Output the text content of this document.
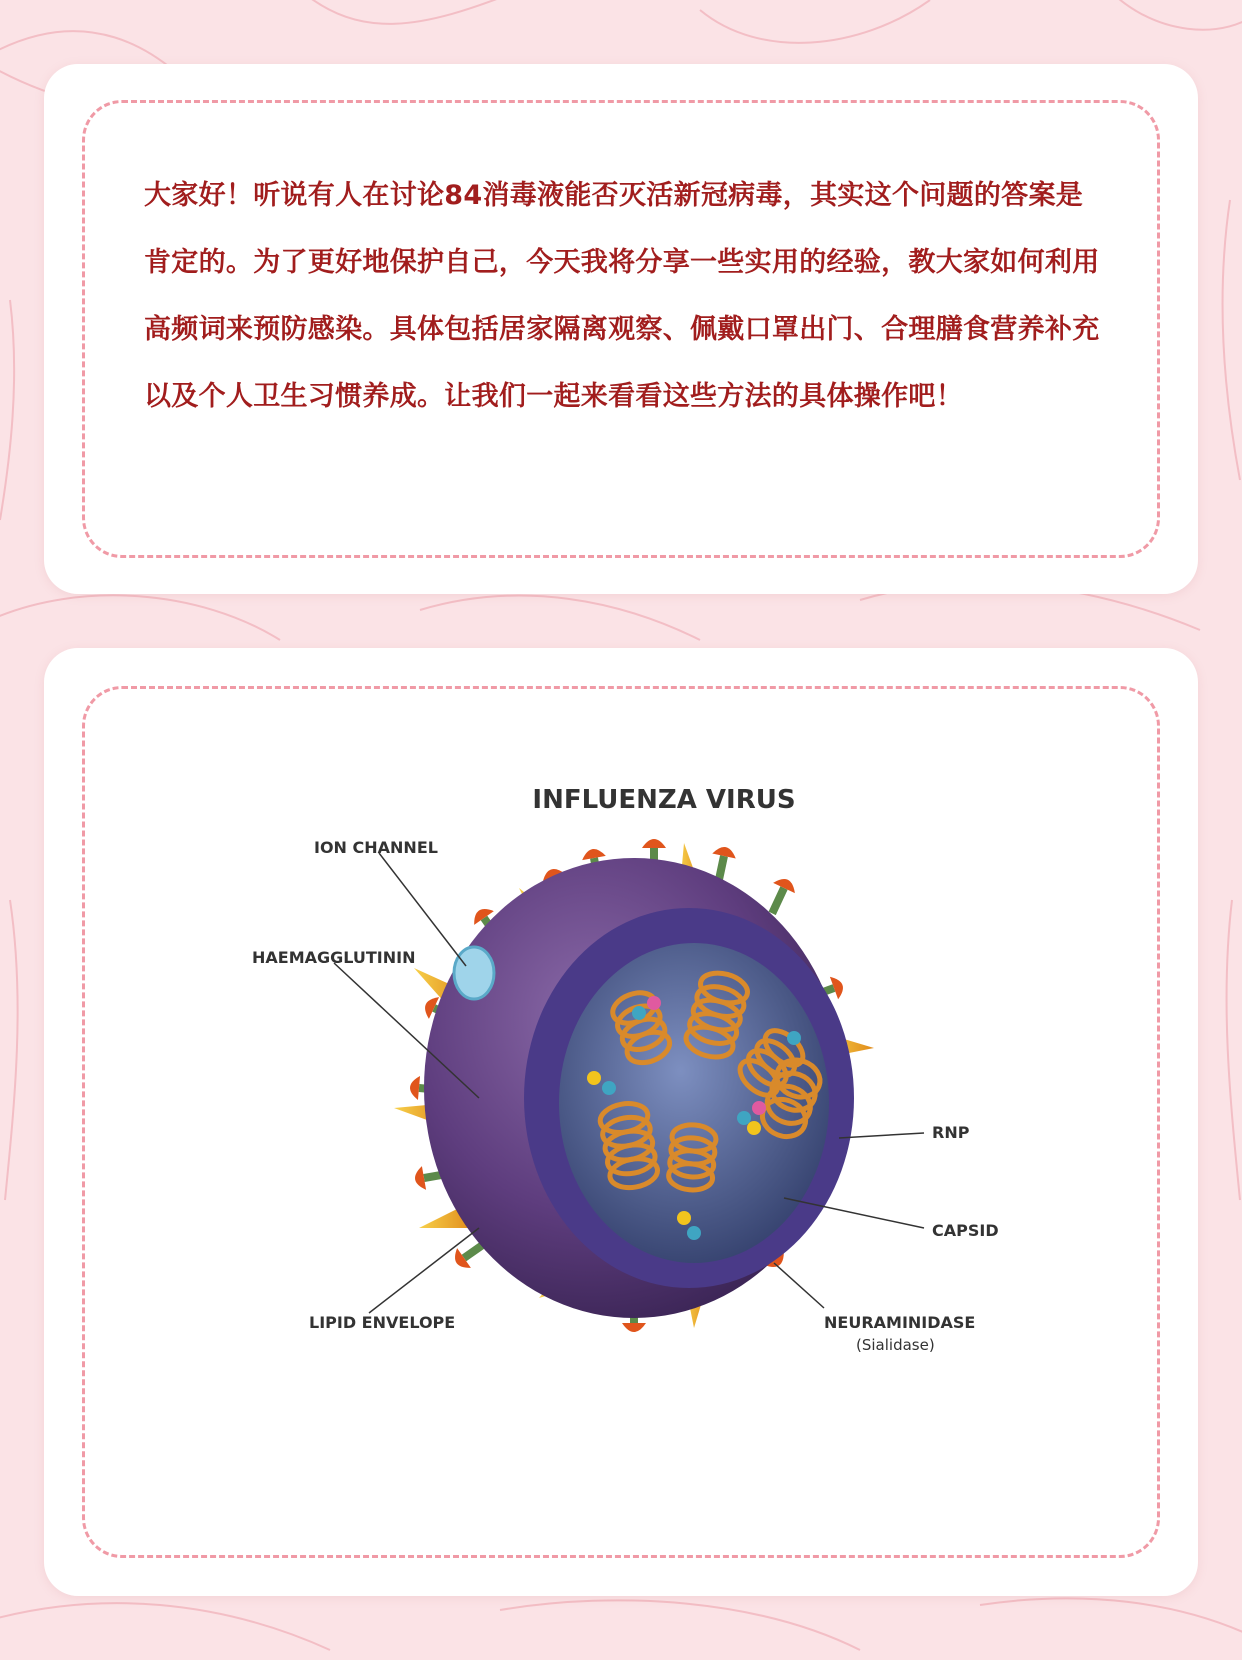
大家好！听说有人在讨论84消毒液能否灭活新冠病毒，其实这个问题的答案是肯定的。为了更好地保护自己，今天我将分享一些实用的经验，教大家如何利用高频词来预防感染。具体包括居家隔离观察、佩戴口罩出门、合理膳食营养补充以及个人卫生习惯养成。让我们一起来看看这些方法的具体操作吧！

INFLUENZA VIRUS
ION CHANNEL
HAEMAGGLUTININ
LIPID ENVELOPE
RNP
CAPSID
NEURAMINIDASE
(Sialidase)
